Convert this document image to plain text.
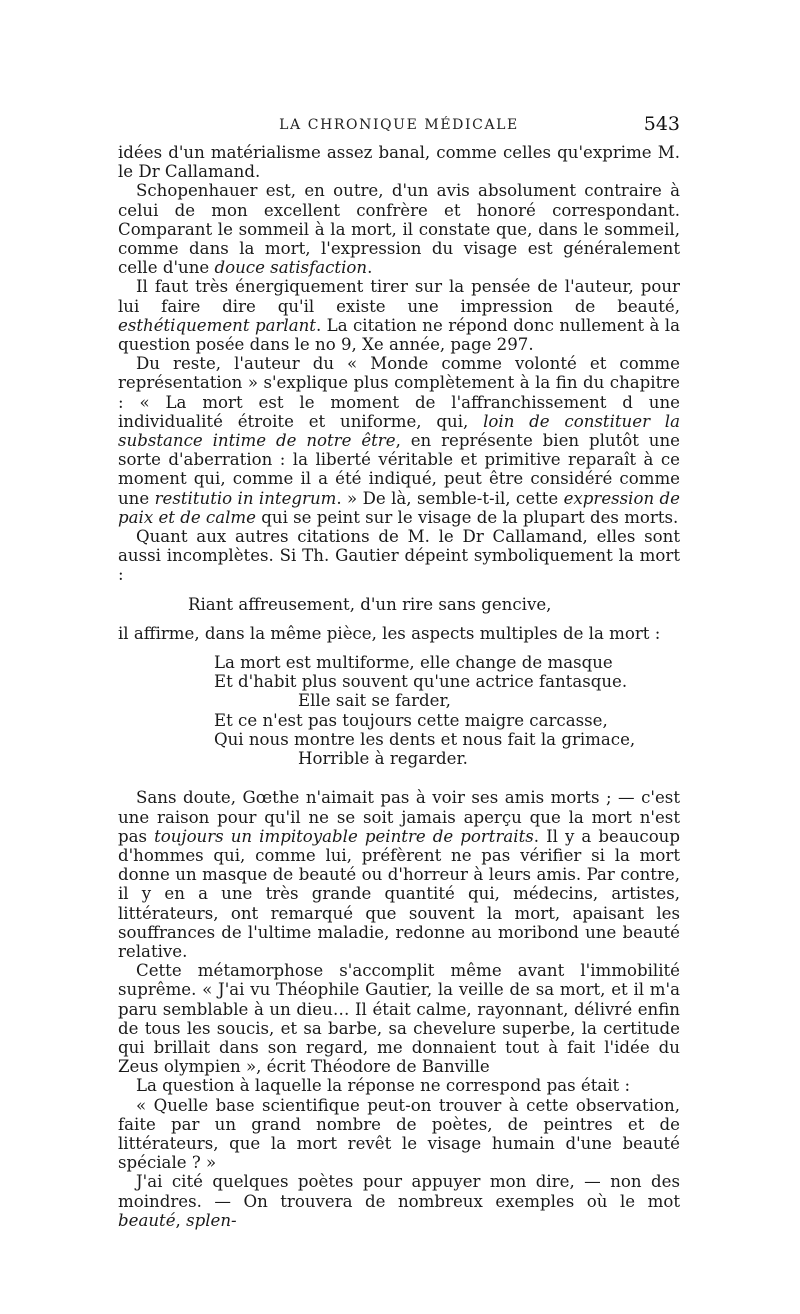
LA CHRONIQUE MÉDICALE	543

idées d'un matérialisme assez banal, comme celles qu'exprime M. le Dr Callamand.

Schopenhauer est, en outre, d'un avis absolument contraire à celui de mon excellent confrère et honoré correspondant. Comparant le sommeil à la mort, il constate que, dans le sommeil, comme dans la mort, l'expression du visage est généralement celle d'une douce satisfaction.

Il faut très énergiquement tirer sur la pensée de l'auteur, pour lui faire dire qu'il existe une impression de beauté, esthétiquement parlant. La citation ne répond donc nullement à la question posée dans le no 9, Xe année, page 297.

Du reste, l'auteur du « Monde comme volonté et comme représentation » s'explique plus complètement à la fin du chapitre : « La mort est le moment de l'affranchissement d une individualité étroite et uniforme, qui, loin de constituer la substance intime de notre être, en représente bien plutôt une sorte d'aberration : la liberté véritable et primitive reparaît à ce moment qui, comme il a été indiqué, peut être considéré comme une restitutio in integrum. » De là, semble-t-il, cette expression de paix et de calme qui se peint sur le visage de la plupart des morts.

Quant aux autres citations de M. le Dr Callamand, elles sont aussi incomplètes. Si Th. Gautier dépeint symboliquement la mort :

Riant affreusement, d'un rire sans gencive,

il affirme, dans la même pièce, les aspects multiples de la mort :

La mort est multiforme, elle change de masque
Et d'habit plus souvent qu'une actrice fantasque.
Elle sait se farder,
Et ce n'est pas toujours cette maigre carcasse,
Qui nous montre les dents et nous fait la grimace,
Horrible à regarder.

Sans doute, Gœthe n'aimait pas à voir ses amis morts ; — c'est une raison pour qu'il ne se soit jamais aperçu que la mort n'est pas toujours un impitoyable peintre de portraits. Il y a beaucoup d'hommes qui, comme lui, préfèrent ne pas vérifier si la mort donne un masque de beauté ou d'horreur à leurs amis. Par contre, il y en a une très grande quantité qui, médecins, artistes, littérateurs, ont remarqué que souvent la mort, apaisant les souffrances de l'ultime maladie, redonne au moribond une beauté relative.

Cette métamorphose s'accomplit même avant l'immobilité suprême. « J'ai vu Théophile Gautier, la veille de sa mort, et il m'a paru semblable à un dieu… Il était calme, rayonnant, délivré enfin de tous les soucis, et sa barbe, sa chevelure superbe, la certitude qui brillait dans son regard, me donnaient tout à fait l'idée du Zeus olympien », écrit Théodore de Banville

La question à laquelle la réponse ne correspond pas était :

« Quelle base scientifique peut-on trouver à cette observation, faite par un grand nombre de poètes, de peintres et de littérateurs, que la mort revêt le visage humain d'une beauté spéciale ? »

J'ai cité quelques poètes pour appuyer mon dire, — non des moindres. — On trouvera de nombreux exemples où le mot beauté, splen-
